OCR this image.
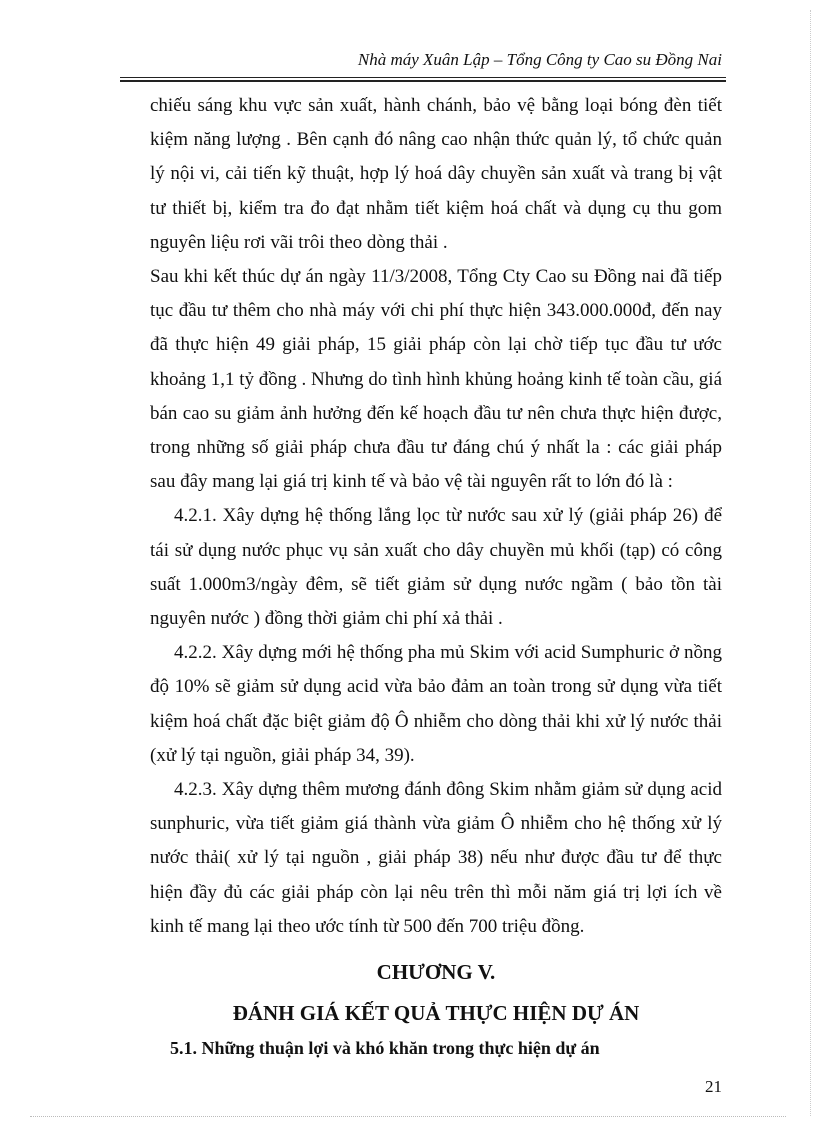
Nhà máy Xuân Lập – Tổng Công ty Cao su Đồng Nai

chiếu sáng khu vực sản xuất, hành chánh, bảo vệ bằng loại bóng đèn tiết kiệm năng lượng . Bên cạnh đó nâng cao nhận thức quản lý, tổ chức quản lý nội vi, cải tiến kỹ thuật, hợp lý hoá dây chuyền sản xuất và trang bị vật tư thiết bị, kiểm tra đo đạt nhằm tiết kiệm hoá chất và dụng cụ thu gom nguyên liệu rơi vãi trôi theo dòng thải .

Sau khi kết thúc dự án ngày 11/3/2008, Tổng Cty Cao su Đồng nai đã tiếp tục đầu tư thêm cho nhà máy với chi phí thực hiện 343.000.000đ, đến nay đã thực hiện 49 giải pháp, 15 giải pháp còn lại chờ tiếp tục đầu tư ước khoảng 1,1 tỷ đồng . Nhưng do tình hình khủng hoảng kinh tế toàn cầu, giá bán cao su giảm ảnh hưởng đến kế hoạch đầu tư nên chưa thực hiện được, trong những số giải pháp chưa đầu tư đáng chú ý nhất la : các giải pháp sau đây mang lại giá trị kinh tế và bảo vệ tài nguyên rất to lớn đó là :

4.2.1. Xây dựng hệ thống lắng lọc từ nước sau xử lý (giải pháp 26) để tái sử dụng nước phục vụ sản xuất cho dây chuyền mủ khối (tạp) có công suất 1.000m3/ngày đêm, sẽ tiết giảm sử dụng nước ngầm ( bảo tồn tài nguyên nước ) đồng thời giảm chi phí xả thải .

4.2.2. Xây dựng mới hệ thống pha mủ Skim với acid Sumphuric ở nồng độ 10% sẽ giảm sử dụng acid vừa bảo đảm an toàn trong sử dụng vừa tiết kiệm hoá chất đặc biệt giảm độ Ô nhiễm cho dòng thải khi xử lý nước thải (xử lý tại nguồn, giải pháp 34, 39).

4.2.3. Xây dựng thêm mương đánh đông Skim nhằm giảm sử dụng acid sunphuric, vừa tiết giảm giá thành vừa giảm Ô nhiễm cho hệ thống xử lý nước thải( xử lý tại nguồn , giải pháp 38) nếu như được đầu tư để thực hiện đầy đủ các giải pháp còn lại nêu trên thì mỗi năm giá trị lợi ích về kinh tế mang lại theo ước tính từ 500 đến 700 triệu đồng.

CHƯƠNG V.
ĐÁNH GIÁ KẾT QUẢ THỰC HIỆN DỰ ÁN
5.1. Những thuận lợi và khó khăn trong thực hiện dự án
21
